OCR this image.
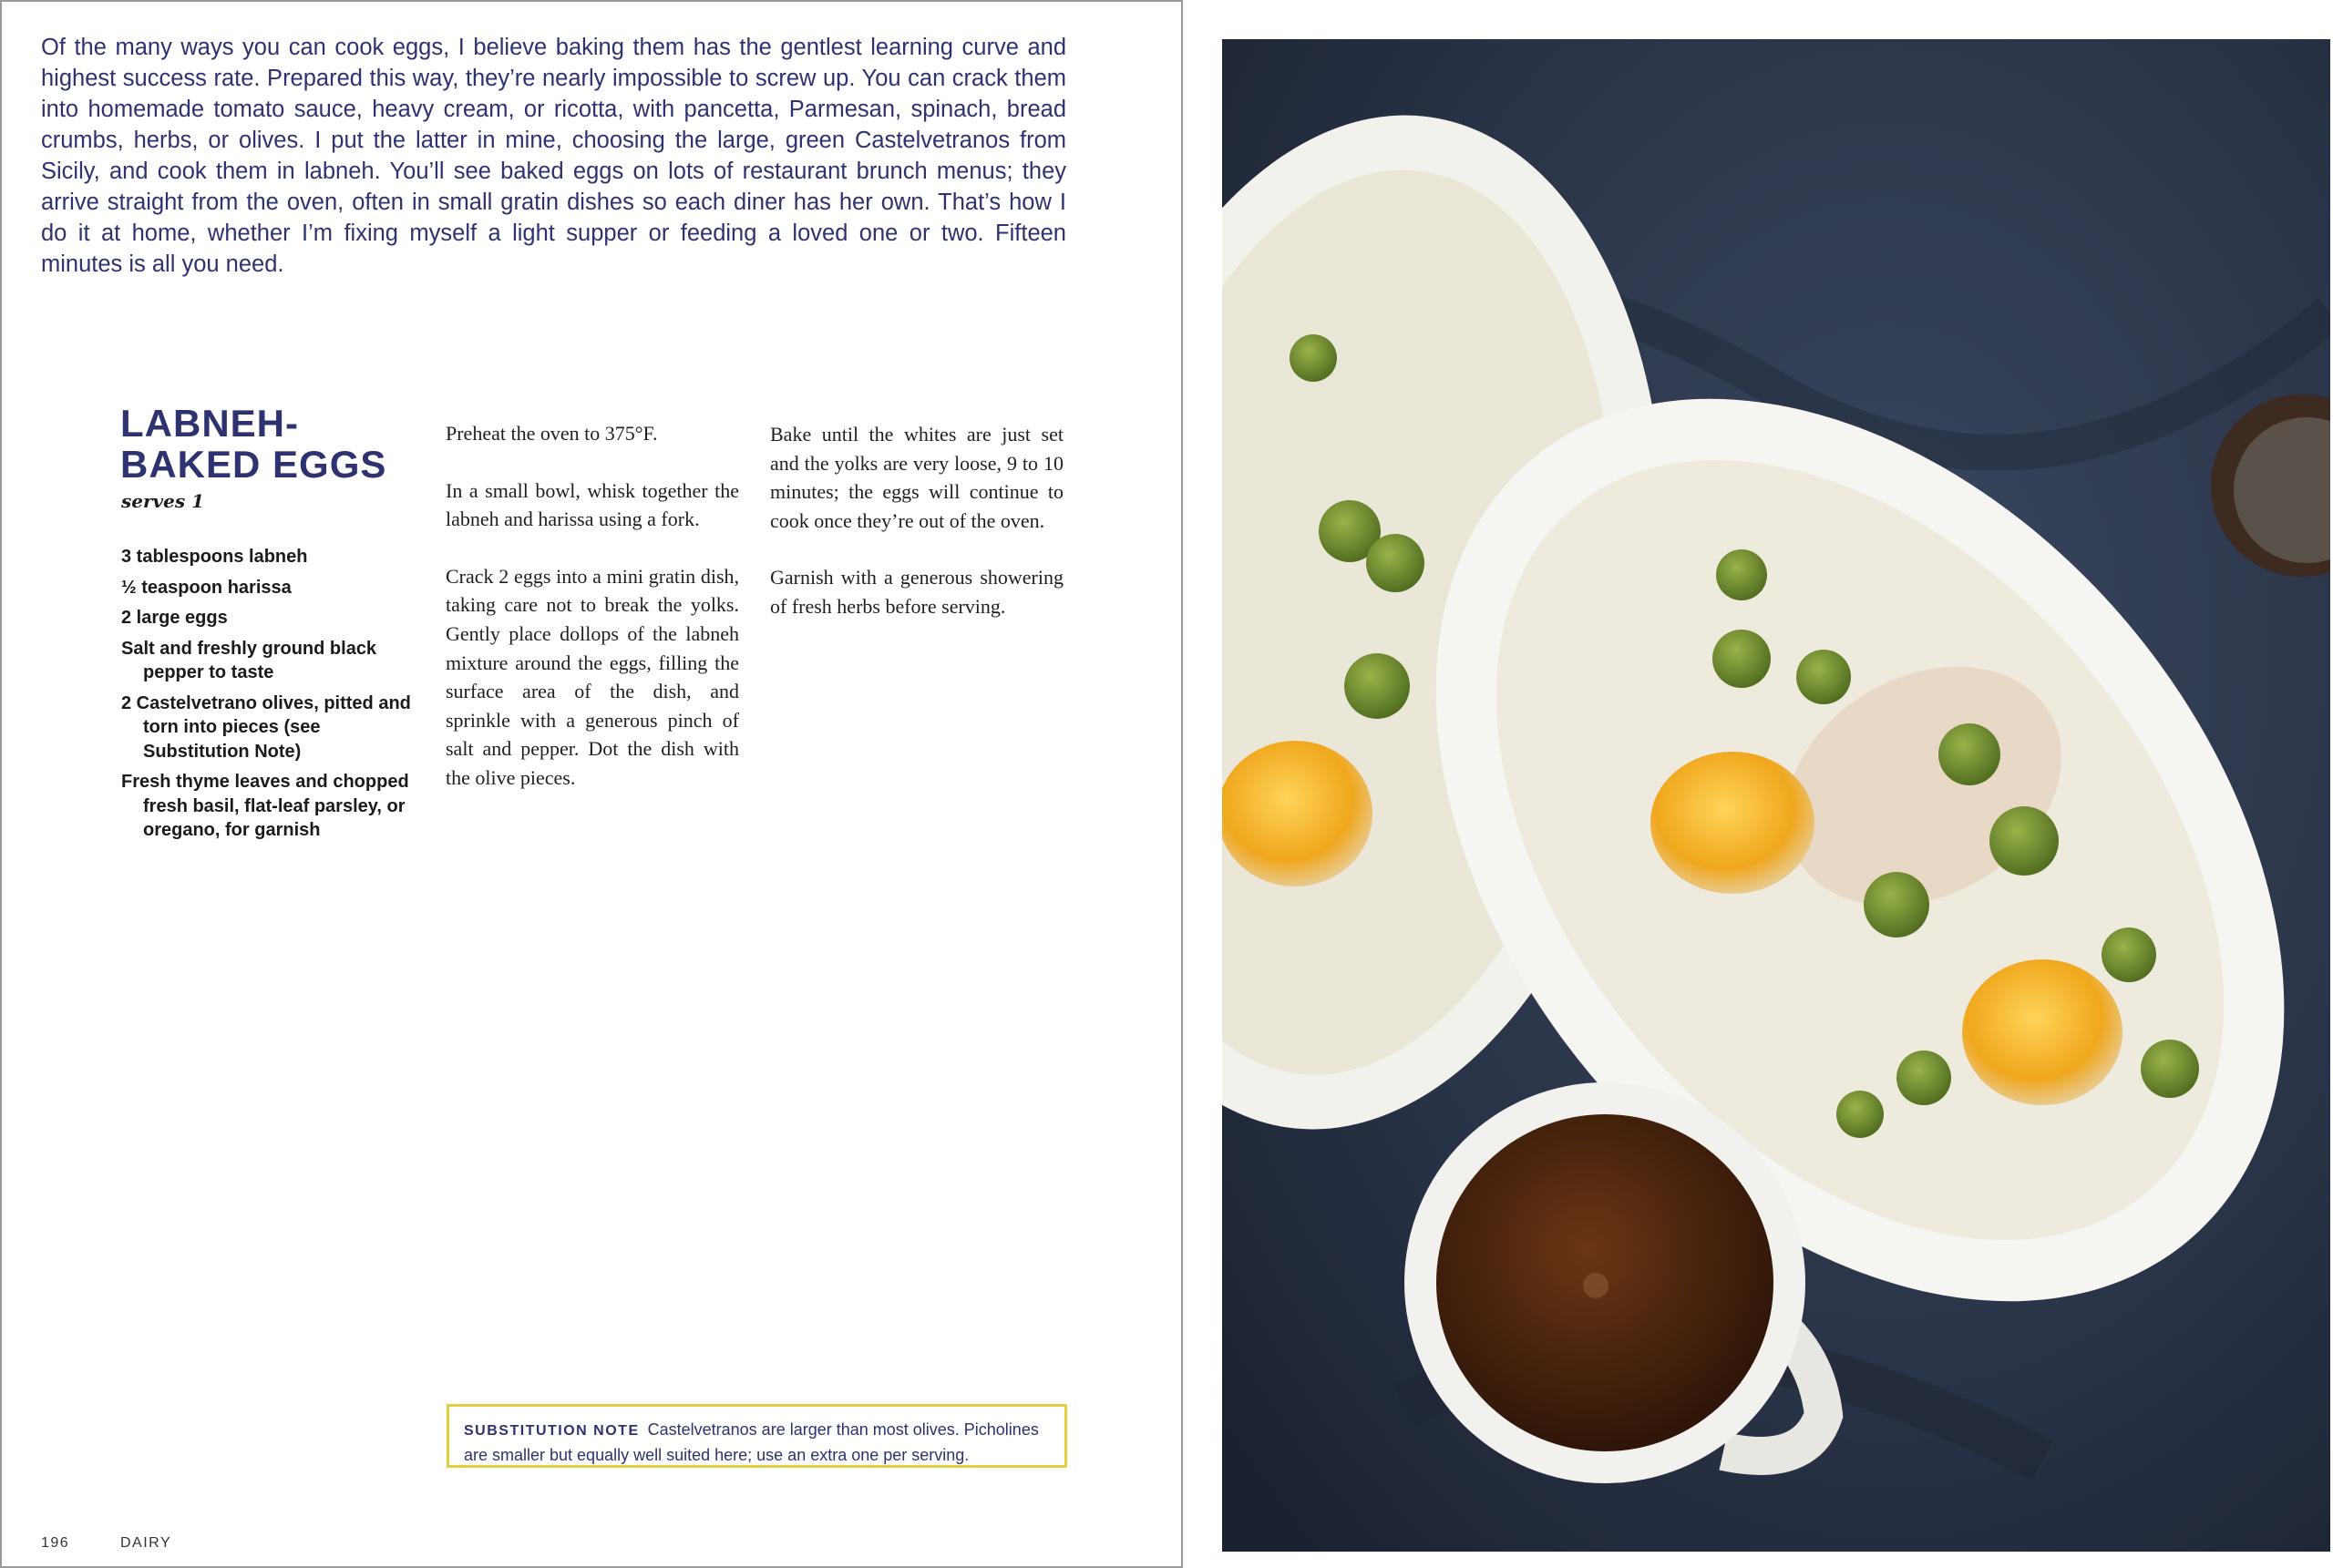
Of the many ways you can cook eggs, I believe baking them has the gentlest learning curve and highest success rate. Prepared this way, they’re nearly impossible to screw up. You can crack them into homemade tomato sauce, heavy cream, or ricotta, with pancetta, Parmesan, spinach, bread crumbs, herbs, or olives. I put the latter in mine, choosing the large, green Castelvetranos from Sicily, and cook them in labneh. You’ll see baked eggs on lots of restaurant brunch menus; they arrive straight from the oven, often in small gratin dishes so each diner has her own. That’s how I do it at home, whether I’m fixing myself a light supper or feeding a loved one or two. Fifteen minutes is all you need.

LABNEH-
BAKED EGGS
serves 1
3 tablespoons labneh
½ teaspoon harissa
2 large eggs
Salt and freshly ground black pepper to taste
2 Castelvetrano olives, pitted and torn into pieces (see Substitution Note)
Fresh thyme leaves and chopped fresh basil, flat-leaf parsley, or oregano, for garnish

Preheat the oven to 375°F.

In a small bowl, whisk together the labneh and harissa using a fork.

Crack 2 eggs into a mini gratin dish, taking care not to break the yolks. Gently place dollops of the labneh mixture around the eggs, filling the surface area of the dish, and sprinkle with a generous pinch of salt and pepper. Dot the dish with the olive pieces.

Bake until the whites are just set and the yolks are very loose, 9 to 10 minutes; the eggs will continue to cook once they’re out of the oven.

Garnish with a generous showering of fresh herbs before serving.

SUBSTITUTION NOTE Castelvetranos are larger than most olives. Picholines are smaller but equally well suited here; use an extra one per serving.
196	DAIRY
